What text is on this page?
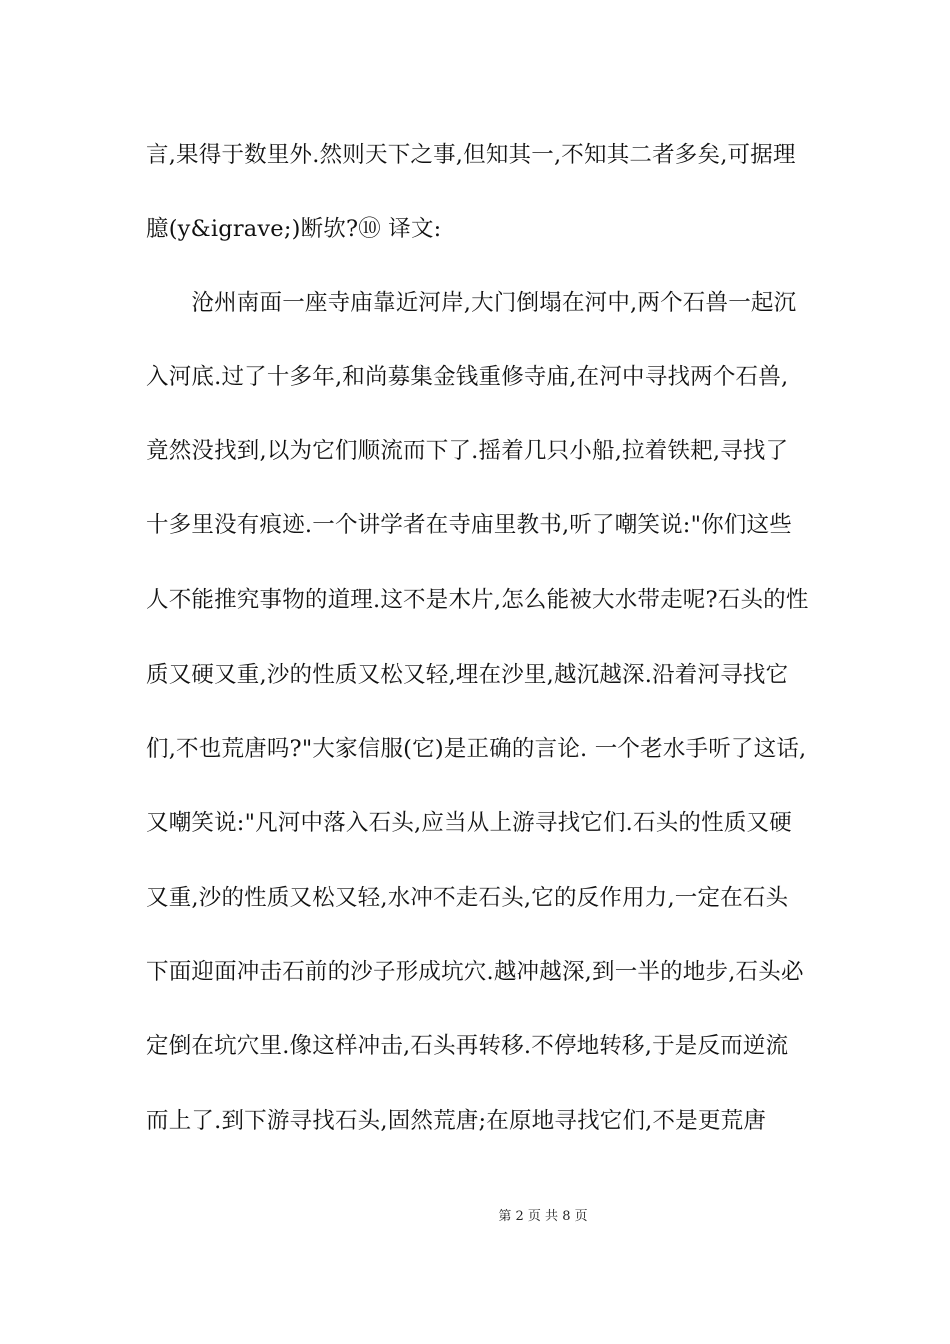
言,果得于数里外.然则天下之事,但知其一,不知其二者多矣,可据理
臆(y&igrave;)断欤?⑩ 译文:
　　沧州南面一座寺庙靠近河岸,大门倒塌在河中,两个石兽一起沉
入河底.过了十多年,和尚募集金钱重修寺庙,在河中寻找两个石兽,
竟然没找到,以为它们顺流而下了.摇着几只小船,拉着铁耙,寻找了
十多里没有痕迹.一个讲学者在寺庙里教书,听了嘲笑说:"你们这些
人不能推究事物的道理.这不是木片,怎么能被大水带走呢?石头的性
质又硬又重,沙的性质又松又轻,埋在沙里,越沉越深.沿着河寻找它
们,不也荒唐吗?"大家信服(它)是正确的言论. 一个老水手听了这话,
又嘲笑说:"凡河中落入石头,应当从上游寻找它们.石头的性质又硬
又重,沙的性质又松又轻,水冲不走石头,它的反作用力,一定在石头
下面迎面冲击石前的沙子形成坑穴.越冲越深,到一半的地步,石头必
定倒在坑穴里.像这样冲击,石头再转移.不停地转移,于是反而逆流
而上了.到下游寻找石头,固然荒唐;在原地寻找它们,不是更荒唐
第 2 页 共 8 页
